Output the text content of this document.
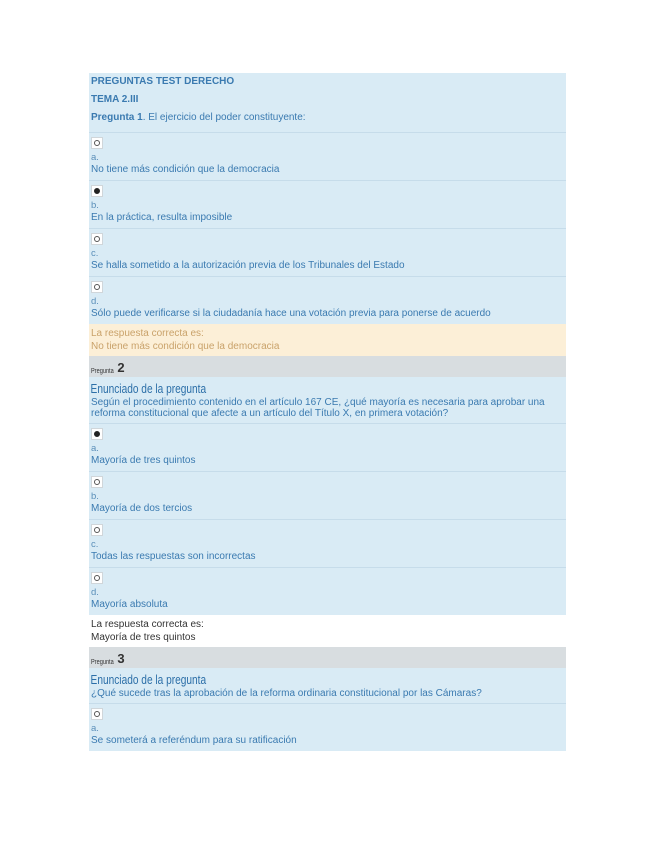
PREGUNTAS TEST DERECHO
TEMA 2.III
Pregunta 1. El ejercicio del poder constituyente:
a.
No tiene más condición que la democracia
b.
En la práctica, resulta imposible
c.
Se halla sometido a la autorización previa de los Tribunales del Estado
d.
Sólo puede verificarse si la ciudadanía hace una votación previa para ponerse de acuerdo
La respuesta correcta es:
No tiene más condición que la democracia
Pregunta 2
Enunciado de la pregunta
Según el procedimiento contenido en el artículo 167 CE, ¿qué mayoría es necesaria para aprobar una reforma constitucional que afecte a un artículo del Título X, en primera votación?
a.
Mayoría de tres quintos
b.
Mayoría de dos tercios
c.
Todas las respuestas son incorrectas
d.
Mayoría absoluta
La respuesta correcta es:
Mayoría de tres quintos
Pregunta 3
Enunciado de la pregunta
¿Qué sucede tras la aprobación de la reforma ordinaria constitucional por las Cámaras?
a.
Se someterá a referéndum para su ratificación
